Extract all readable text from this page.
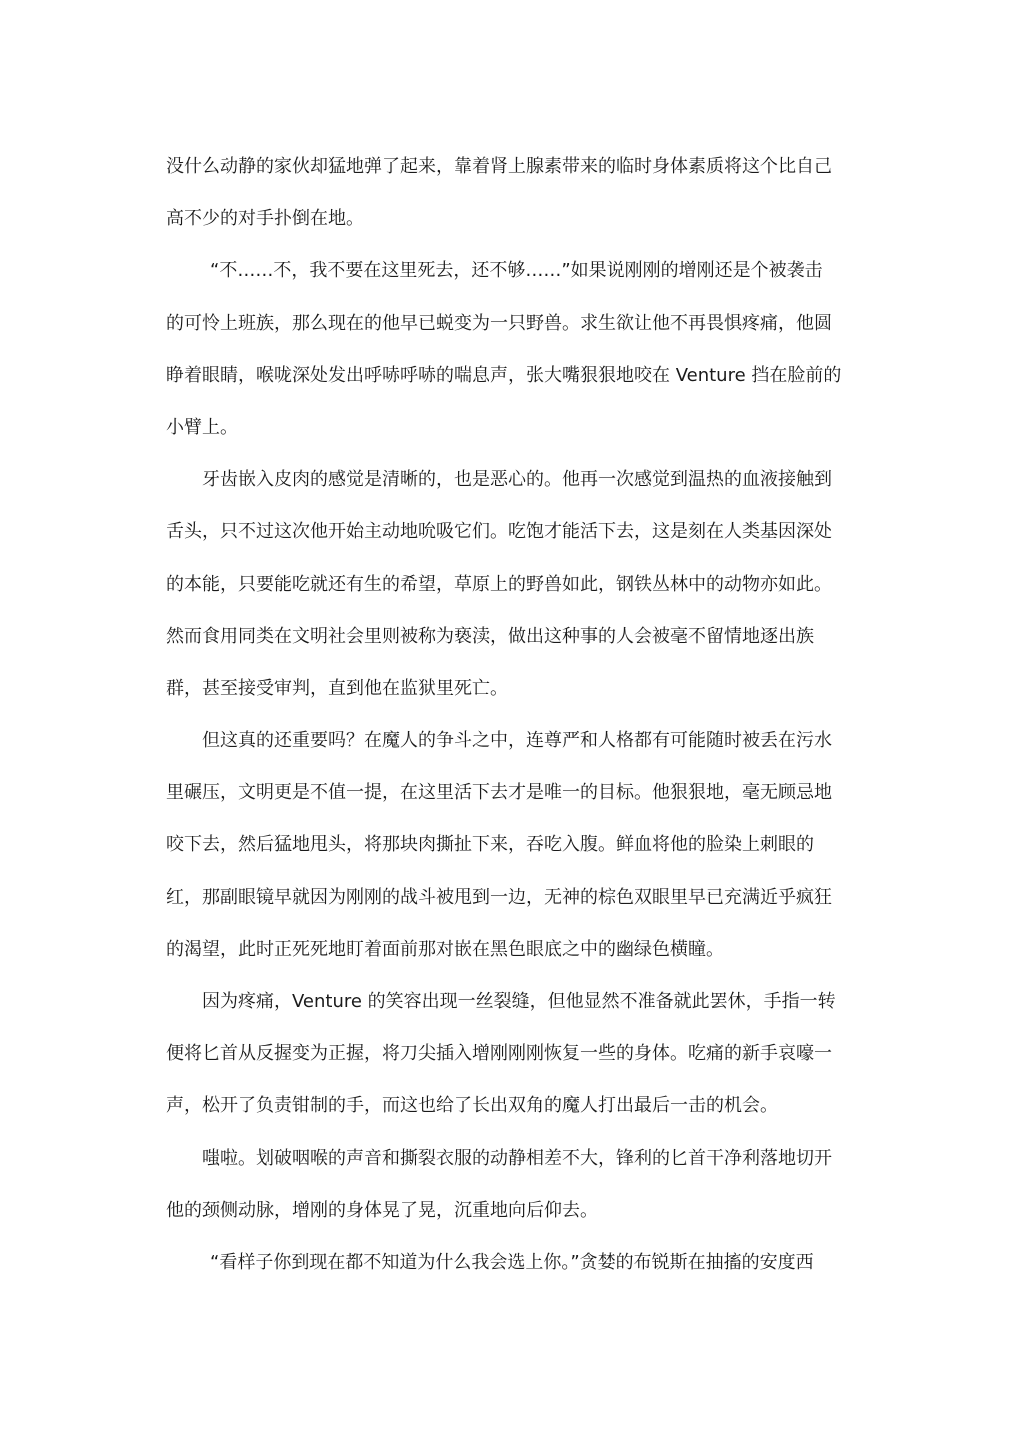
没什么动静的家伙却猛地弹了起来，靠着肾上腺素带来的临时身体素质将这个比自己
高不少的对手扑倒在地。
“不……不，我不要在这里死去，还不够……”如果说刚刚的增刚还是个被袭击
的可怜上班族，那么现在的他早已蜕变为一只野兽。求生欲让他不再畏惧疼痛，他圆
睁着眼睛，喉咙深处发出呼哧呼哧的喘息声，张大嘴狠狠地咬在 Venture 挡在脸前的
小臂上。
牙齿嵌入皮肉的感觉是清晰的，也是恶心的。他再一次感觉到温热的血液接触到
舌头，只不过这次他开始主动地吮吸它们。吃饱才能活下去，这是刻在人类基因深处
的本能，只要能吃就还有生的希望，草原上的野兽如此，钢铁丛林中的动物亦如此。
然而食用同类在文明社会里则被称为亵渎，做出这种事的人会被毫不留情地逐出族
群，甚至接受审判，直到他在监狱里死亡。
但这真的还重要吗？在魔人的争斗之中，连尊严和人格都有可能随时被丢在污水
里碾压，文明更是不值一提，在这里活下去才是唯一的目标。他狠狠地，毫无顾忌地
咬下去，然后猛地甩头，将那块肉撕扯下来，吞吃入腹。鲜血将他的脸染上刺眼的
红，那副眼镜早就因为刚刚的战斗被甩到一边，无神的棕色双眼里早已充满近乎疯狂
的渴望，此时正死死地盯着面前那对嵌在黑色眼底之中的幽绿色横瞳。
因为疼痛，Venture 的笑容出现一丝裂缝，但他显然不准备就此罢休，手指一转
便将匕首从反握变为正握，将刀尖插入增刚刚刚恢复一些的身体。吃痛的新手哀嚎一
声，松开了负责钳制的手，而这也给了长出双角的魔人打出最后一击的机会。
嗤啦。划破咽喉的声音和撕裂衣服的动静相差不大，锋利的匕首干净利落地切开
他的颈侧动脉，增刚的身体晃了晃，沉重地向后仰去。
“看样子你到现在都不知道为什么我会选上你。”贪婪的布锐斯在抽搐的安度西
